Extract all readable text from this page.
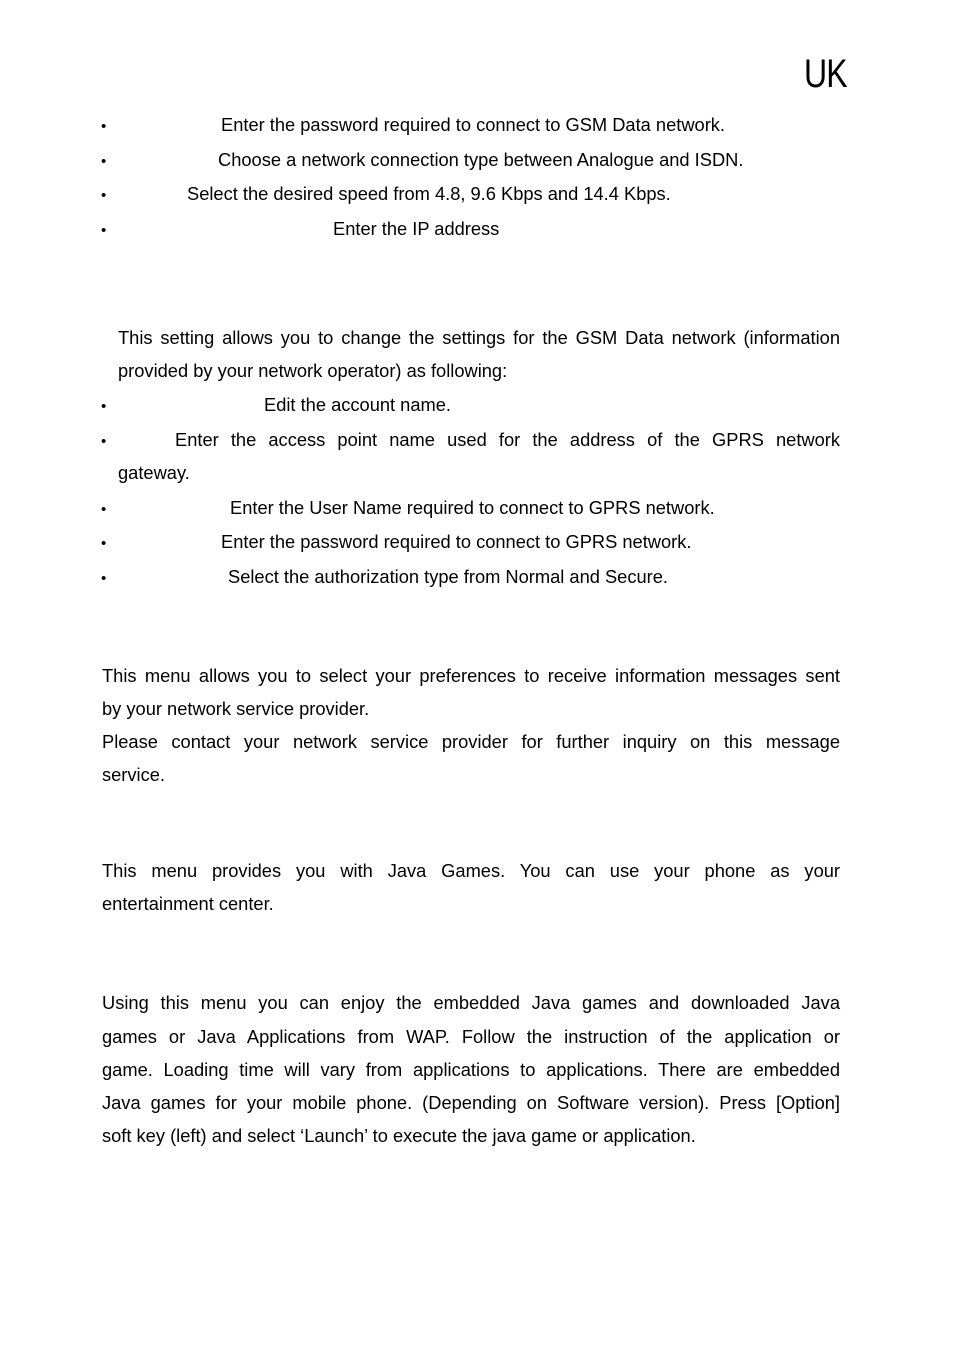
UK
•	Enter the password required to connect to GSM Data network.
•	Choose a network connection type between Analogue and ISDN.
•	Select the desired speed from 4.8, 9.6 Kbps and 14.4 Kbps.
•	Enter the IP address
This setting allows you to change the settings for the GSM Data network (information
provided by your network operator) as following:
•	Edit the account name.
•	Enter the access point name used for the address of the GPRS network
gateway.
•	Enter the User Name required to connect to GPRS network.
•	Enter the password required to connect to GPRS network.
•	Select the authorization type from Normal and Secure.
This menu allows you to select your preferences to receive information messages sent
by your network service provider.
Please contact your network service provider for further inquiry on this message
service.
This menu provides you with Java Games. You can use your phone as your
entertainment center.
Using this menu you can enjoy the embedded Java games and downloaded Java
games or Java Applications from WAP. Follow the instruction of the application or
game. Loading time will vary from applications to applications. There are embedded
Java games for your mobile phone. (Depending on Software version). Press [Option]
soft key (left) and select ‘Launch’ to execute the java game or application.
